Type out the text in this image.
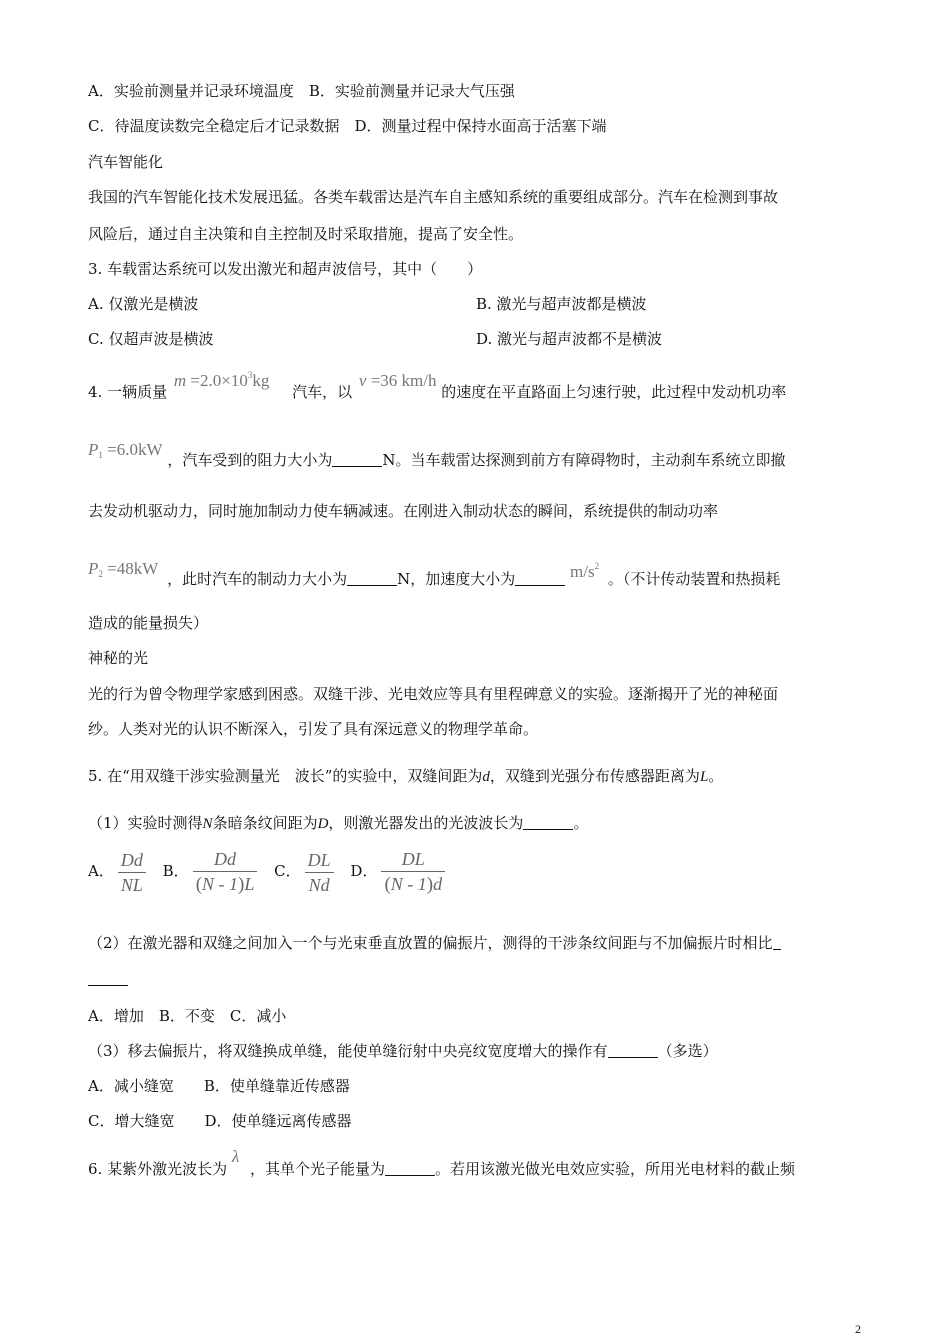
A．实验前测量并记录环境温度　B．实验前测量并记录大气压强
C．待温度读数完全稳定后才记录数据　D．测量过程中保持水面高于活塞下端
汽车智能化
我国的汽车智能化技术发展迅猛。各类车载雷达是汽车自主感知系统的重要组成部分。汽车在检测到事故
风险后，通过自主决策和自主控制及时采取措施，提高了安全性。
3. 车载雷达系统可以发出激光和超声波信号，其中（　　）
A. 仅激光是横波	B. 激光与超声波都是横波
C. 仅超声波是横波	D. 激光与超声波都不是横波
4. 一辆质量 $m =2.0\times 10^3kg$ 汽车，以 v =36 km/h 的速度在平直路面上匀速行驶，此过程中发动机功率
$P_1 =6.0kW$ ，汽车受到的阻力大小为	N。当车载雷达探测到前方有障碍物时，主动刹车系统立即撤
去发动机驱动力，同时施加制动力使车辆减速。在刚进入制动状态的瞬间，系统提供的制动功率
$P_2 =48kW$ ，此时汽车的制动力大小为	N，加速度大小为	$m/s^2$ 。（不计传动装置和热损耗
造成的能量损失）
神秘的光
光的行为曾令物理学家感到困惑。双缝干涉、光电效应等具有里程碑意义的实验。逐渐揭开了光的神秘面
纱。人类对光的认识不断深入，引发了具有深远意义的物理学革命。
5. 在“用双缝干涉实验测量光　波长”的实验中，双缝间距为d，双缝到光强分布传感器距离为L。
（1）实验时测得N条暗条纹间距为D，则激光器发出的光波波长为	。
A． $\frac{Dd}{NL}$ B． $\frac{Dd}{(N - 1)L}$ C． $\frac{DL}{Nd}$ D． $\frac{DL}{(N - 1)d}$
（2）在激光器和双缝之间加入一个与光束垂直放置的偏振片，测得的干涉条纹间距与不加偏振片时相比
A．增加　B．不变　C．减小
（3）移去偏振片，将双缝换成单缝，能使单缝衍射中央亮纹宽度增大的操作有	（多选）
A．减小缝宽　　B．使单缝靠近传感器
C．增大缝宽　　D．使单缝远离传感器
6. 某紫外激光波长为 λ ，其单个光子能量为	。若用该激光做光电效应实验，所用光电材料的截止频
2
